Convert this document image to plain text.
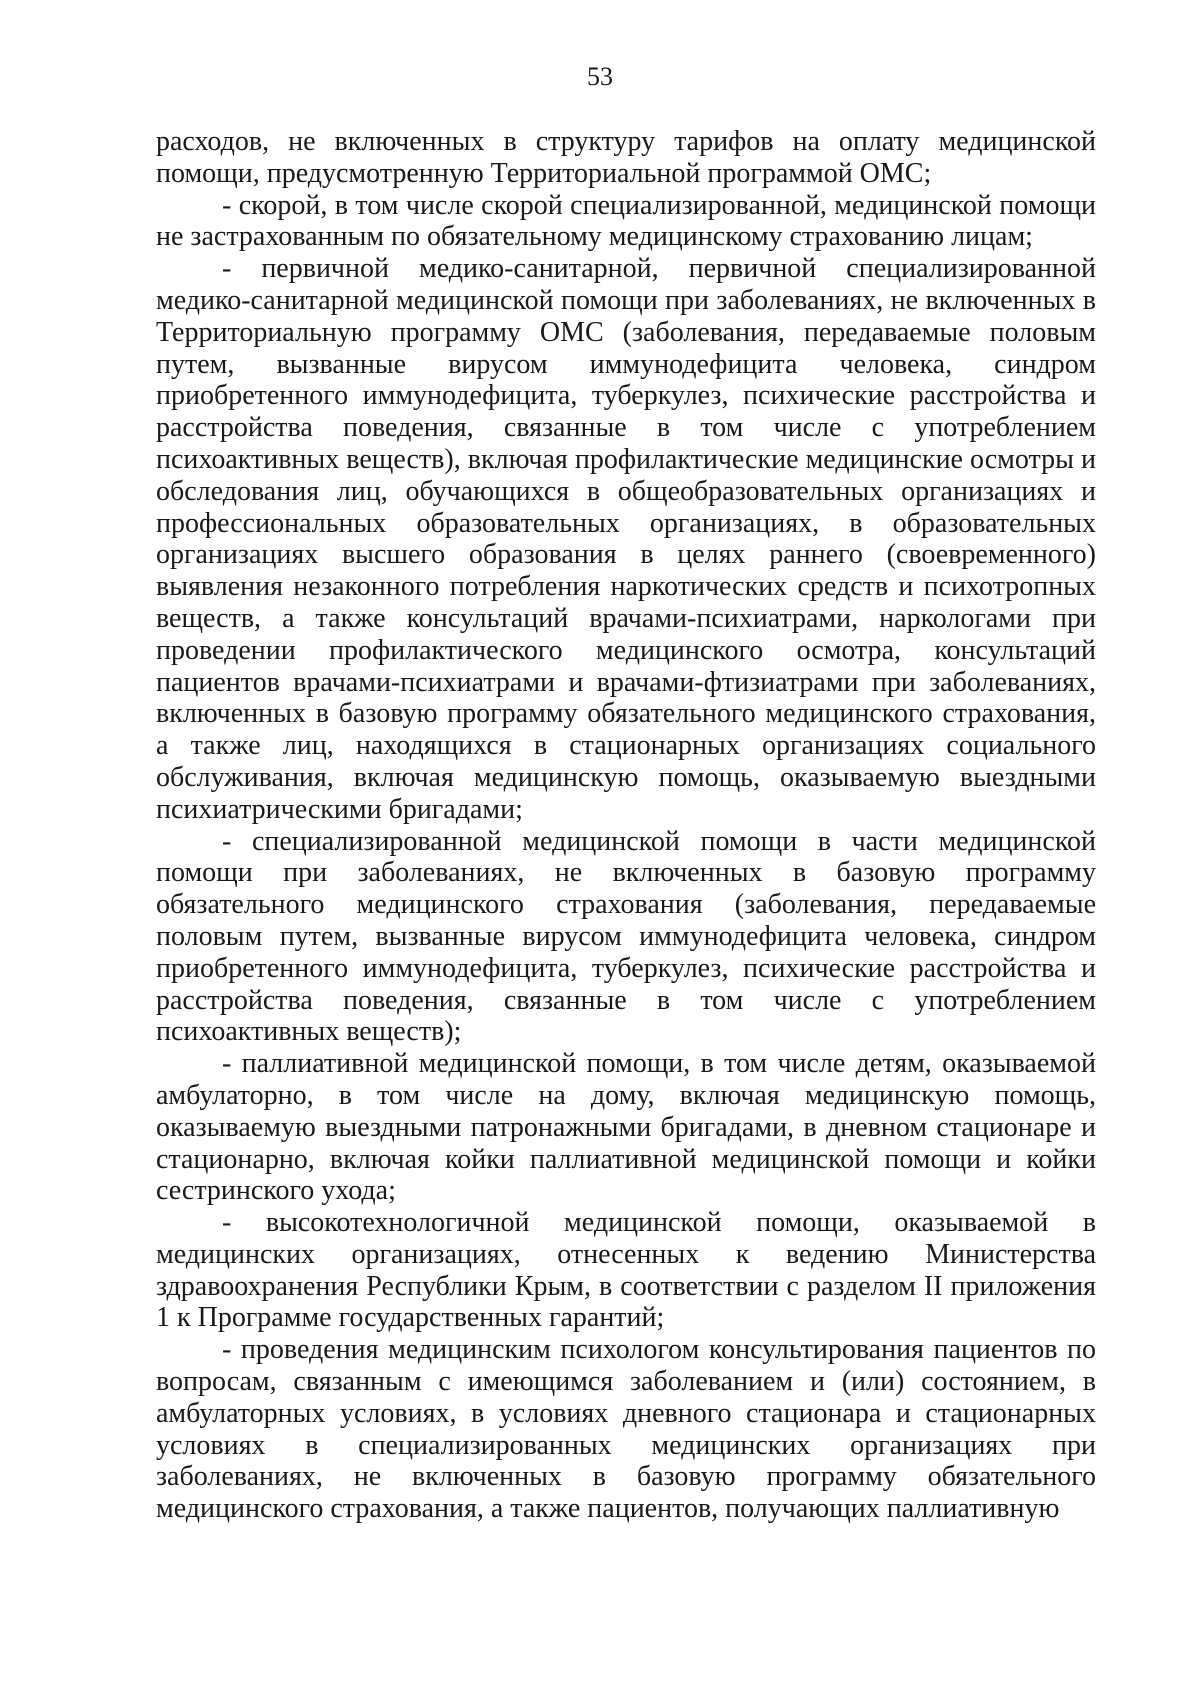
53

расходов, не включенных в структуру тарифов на оплату медицинской помощи, предусмотренную Территориальной программой ОМС;

- скорой, в том числе скорой специализированной, медицинской помощи не застрахованным по обязательному медицинскому страхованию лицам;

- первичной медико-санитарной, первичной специализированной медико-санитарной медицинской помощи при заболеваниях, не включенных в Территориальную программу ОМС (заболевания, передаваемые половым путем, вызванные вирусом иммунодефицита человека, синдром приобретенного иммунодефицита, туберкулез, психические расстройства и расстройства поведения, связанные в том числе с употреблением психоактивных веществ), включая профилактические медицинские осмотры и обследования лиц, обучающихся в общеобразовательных организациях и профессиональных образовательных организациях, в образовательных организациях высшего образования в целях раннего (своевременного) выявления незаконного потребления наркотических средств и психотропных веществ, а также консультаций врачами-психиатрами, наркологами при проведении профилактического медицинского осмотра, консультаций пациентов врачами-психиатрами и врачами-фтизиатрами при заболеваниях, включенных в базовую программу обязательного медицинского страхования, а также лиц, находящихся в стационарных организациях социального обслуживания, включая медицинскую помощь, оказываемую выездными психиатрическими бригадами;

- специализированной медицинской помощи в части медицинской помощи при заболеваниях, не включенных в базовую программу обязательного медицинского страхования (заболевания, передаваемые половым путем, вызванные вирусом иммунодефицита человека, синдром приобретенного иммунодефицита, туберкулез, психические расстройства и расстройства поведения, связанные в том числе с употреблением психоактивных веществ);

- паллиативной медицинской помощи, в том числе детям, оказываемой амбулаторно, в том числе на дому, включая медицинскую помощь, оказываемую выездными патронажными бригадами, в дневном стационаре и стационарно, включая койки паллиативной медицинской помощи и койки сестринского ухода;

- высокотехнологичной медицинской помощи, оказываемой в медицинских организациях, отнесенных к ведению Министерства здравоохранения Республики Крым, в соответствии с разделом II приложения 1 к Программе государственных гарантий;

- проведения медицинским психологом консультирования пациентов по вопросам, связанным с имеющимся заболеванием и (или) состоянием, в амбулаторных условиях, в условиях дневного стационара и стационарных условиях в специализированных медицинских организациях при заболеваниях, не включенных в базовую программу обязательного медицинского страхования, а также пациентов, получающих паллиативную
